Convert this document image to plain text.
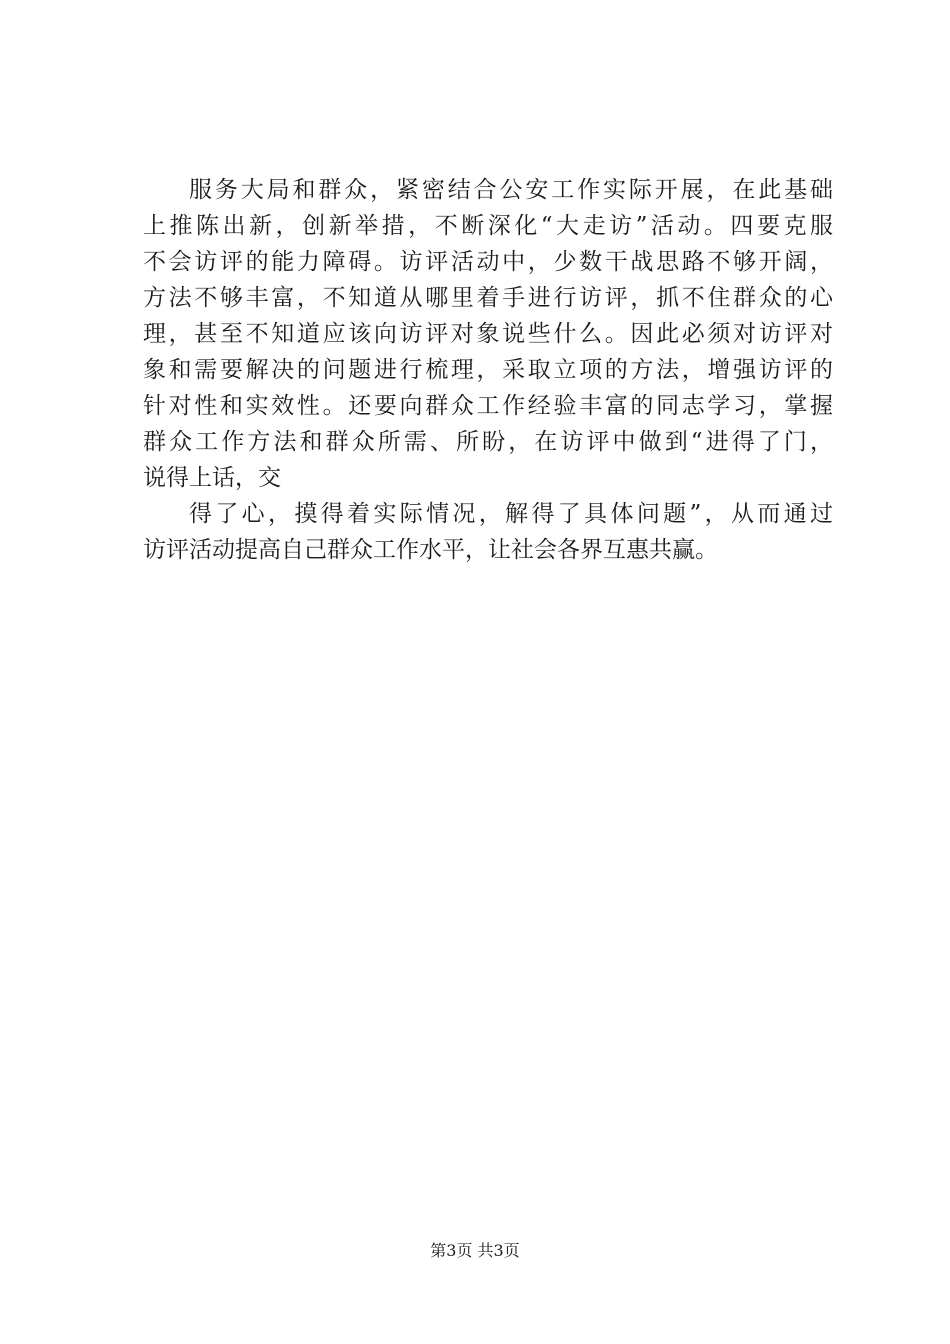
服务大局和群众，紧密结合公安工作实际开展，在此基础
上推陈出新，创新举措，不断深化“大走访”活动。四要克服
不会访评的能力障碍。访评活动中，少数干战思路不够开阔，
方法不够丰富，不知道从哪里着手进行访评，抓不住群众的心
理，甚至不知道应该向访评对象说些什么。因此必须对访评对
象和需要解决的问题进行梳理，采取立项的方法，增强访评的
针对性和实效性。还要向群众工作经验丰富的同志学习，掌握
群众工作方法和群众所需、所盼，在访评中做到“进得了门，
说得上话，交
得了心，摸得着实际情况，解得了具体问题”，从而通过
访评活动提高自己群众工作水平，让社会各界互惠共赢。
第3页 共3页
